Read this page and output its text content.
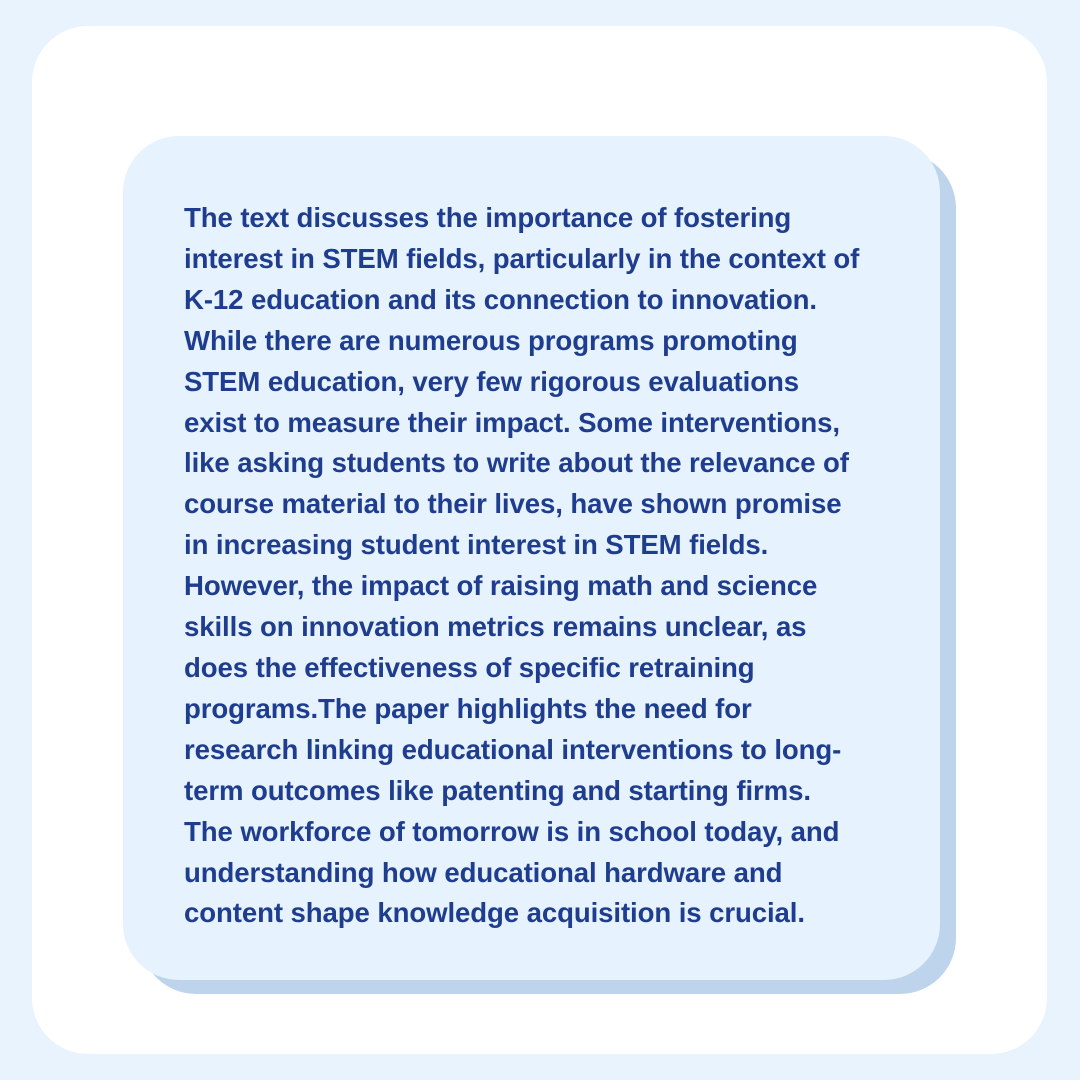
The text discusses the importance of fostering
interest in STEM fields, particularly in the context of
K-12 education and its connection to innovation.
While there are numerous programs promoting
STEM education, very few rigorous evaluations
exist to measure their impact. Some interventions,
like asking students to write about the relevance of
course material to their lives, have shown promise
in increasing student interest in STEM fields.
However, the impact of raising math and science
skills on innovation metrics remains unclear, as
does the effectiveness of specific retraining
programs.The paper highlights the need for
research linking educational interventions to long-
term outcomes like patenting and starting firms.
The workforce of tomorrow is in school today, and
understanding how educational hardware and
content shape knowledge acquisition is crucial.
